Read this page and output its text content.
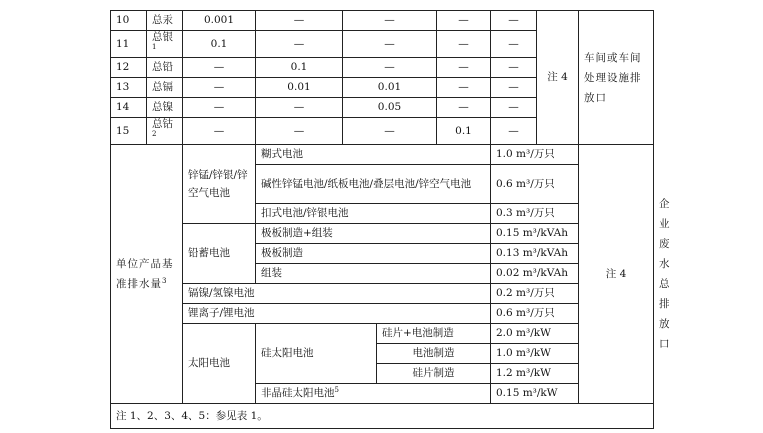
10	总汞	0.001	—	—		—	—	注 4	车间或车间处理设施排放口	
11	总银$^1$	0.1	—	—		—	—			
12	总铅	—	0.1	—		—	—			
13	总镉	—	0.01	0.01		—	—			
14	总镍	—	—	0.05		—	—			
15	总钴$^2$	—	—	—		0.1	—			
单位产品基准排水量$^3$		锌锰/锌银/锌空气电池	糊式电池				1.0 m³/万只		注 4	企业废水总排放口
			碱性锌锰电池/纸板电池/叠层电池/锌空气电池				0.6 m³/万只			

			扣式电池/锌银电池				0.3 m³/万只			
		铅蓄电池	极板制造+组装				0.15 m³/kVAh			
			极板制造				0.13 m³/kVAh			
			组装				0.02 m³/kVAh			
		镉镍/氢镍电池					0.2 m³/万只			
		锂离子/锂电池					0.6 m³/万只			
		太阳电池	硅太阳电池		硅片+电池制造		2.0 m³/kW			
					电池制造		1.0 m³/kW			
					硅片制造		1.2 m³/kW			
			非晶硅太阳电池$^5$				0.15 m³/kW			

注 1、2、3、4、5：参见表 1。										
